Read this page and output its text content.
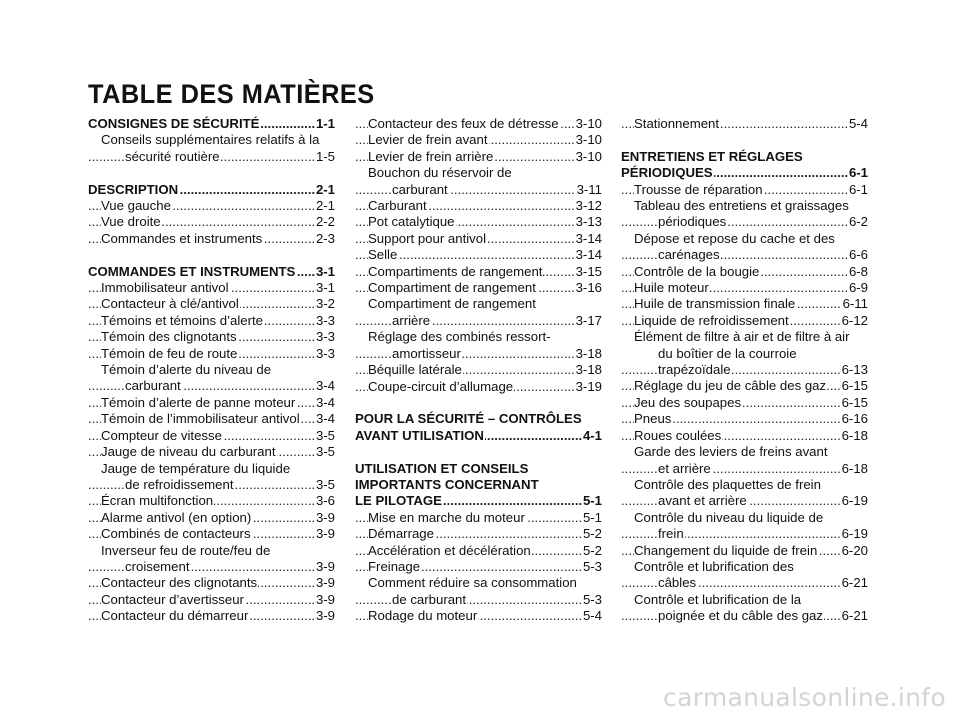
TABLE DES MATIÈRES
CONSIGNES DE SÉCURITÉ	1-1
.....
Conseils supplémentaires relatifs à la
sécurité routière	1-5
.....
DESCRIPTION	2-1
.....
Vue gauche	2-1
.....
Vue droite	2-2
.....
Commandes et instruments	2-3
.....
COMMANDES ET INSTRUMENTS 3-1
.....
Immobilisateur antivol	3-1
.....
Contacteur à clé/antivol	3-2
.....
Témoins et témoins d’alerte	3-3
.....
Témoin des clignotants	3-3
.....
Témoin de feu de route	3-3
.....
Témoin d’alerte du niveau de
carburant	3-4
.....
Témoin d’alerte de panne moteur 3-4
.....
Témoin de l’immobilisateur antivol 3-4
.....
Compteur de vitesse	3-5
.....
Jauge de niveau du carburant	3-5
.....
Jauge de température du liquide
de refroidissement	3-5
.....
Écran multifonction	3-6
.....
Alarme antivol (en option)	3-9
.....
Combinés de contacteurs	3-9
.....
Inverseur feu de route/feu de
croisement	3-9
.....
Contacteur des clignotants	3-9
.....
Contacteur d’avertisseur	3-9
.....
Contacteur du démarreur	3-9
.....
Contacteur des feux de détresse 3-10
.....
Levier de frein avant	3-10
.....
Levier de frein arrière	3-10
.....
Bouchon du réservoir de
carburant	3-11
.....
Carburant	3-12
.....
Pot catalytique	3-13
.....
Support pour antivol	3-14
.....
Selle	3-14
.....
Compartiments de rangement	3-15
.....
Compartiment de rangement	3-16
.....
Compartiment de rangement
arrière	3-17
.....
Réglage des combinés ressort-
amortisseur	3-18
.....
Béquille latérale	3-18
.....
Coupe-circuit d’allumage	3-19
.....
POUR LA SÉCURITÉ – CONTRÔLES
AVANT UTILISATION	4-1
.....
UTILISATION ET CONSEILS
IMPORTANTS CONCERNANT
LE PILOTAGE	5-1
.....
Mise en marche du moteur	5-1
.....
Démarrage	5-2
.....
Accélération et décélération	5-2
.....
Freinage	5-3
.....
Comment réduire sa consommation
de carburant	5-3
.....
Rodage du moteur	5-4
.....
Stationnement	5-4
.....
ENTRETIENS ET RÉGLAGES
PÉRIODIQUES	6-1
.....
Trousse de réparation	6-1
.....
Tableau des entretiens et graissages
périodiques	6-2
.....
Dépose et repose du cache et des
carénages	6-6
.....
Contrôle de la bougie	6-8
.....
Huile moteur	6-9
.....
Huile de transmission finale	6-11
.....
Liquide de refroidissement	6-12
.....
Élément de filtre à air et de filtre à air
du boîtier de la courroie
trapézoïdale	6-13
.....
Réglage du jeu de câble des gaz 6-15
.....
Jeu des soupapes	6-15
.....
Pneus	6-16
.....
Roues coulées	6-18
.....
Garde des leviers de freins avant
et arrière	6-18
.....
Contrôle des plaquettes de frein
avant et arrière	6-19
.....
Contrôle du niveau du liquide de
frein	6-19
.....
Changement du liquide de frein 6-20
.....
Contrôle et lubrification des
câbles	6-21
.....
Contrôle et lubrification de la
poignée et du câble des gaz 6-21
.....
carmanualsonline.info
